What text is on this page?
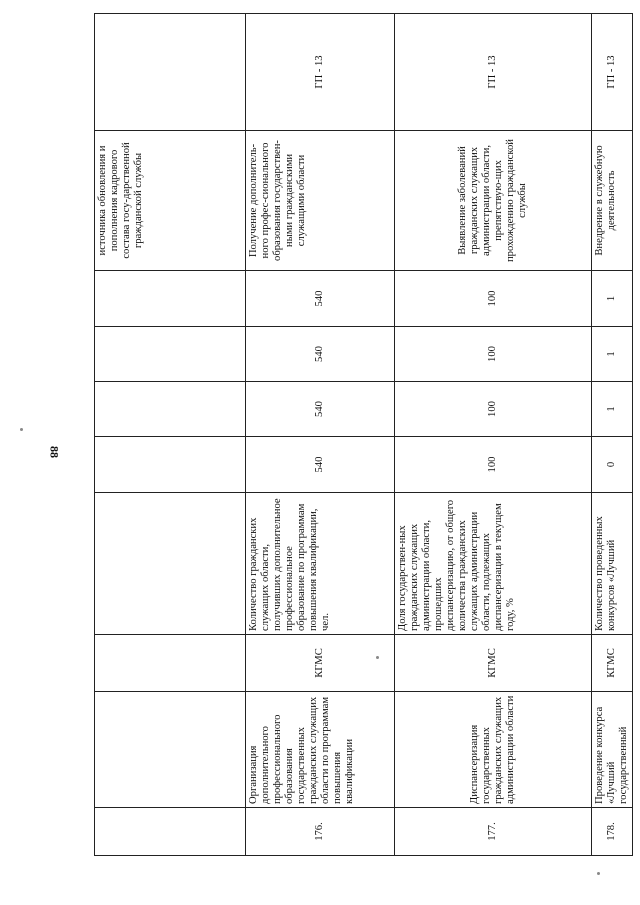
88
								источника обновления и пополнения кадрового состава госу-дарственной гражданской службы	
176.	Организация дополнительного профессионального образования государственных гражданских служащих области по программам повышения квалификации	КГМС	Количество гражданских служащих области, получивших дополнительное профессиональное образование по программам повышения квалификации, чел.	540	540	540	540	Получение дополнитель-ного профес-сионального образования государствен-ными гражданскими служащими области	ГП - 13
177.	Диспансеризация государственных гражданских служащих администрации области	КГМС	Доля государствен-ных гражданских служащих администрации области, прошедших диспансеризацию, от общего количества гражданских служащих администрации области, подлежащих диспансеризации в текущем году, %	100	100	100	100	Выявление заболеваний гражданских служащих администрации области, препятствую-щих прохождению гражданской службы	ГП - 13
178.	Проведение конкурса «Лучший государственный	КГМС	Количество проведенных конкурсов «Лучший	0	1	1	1	Внедрение в служебную деятельность	ГП - 13
